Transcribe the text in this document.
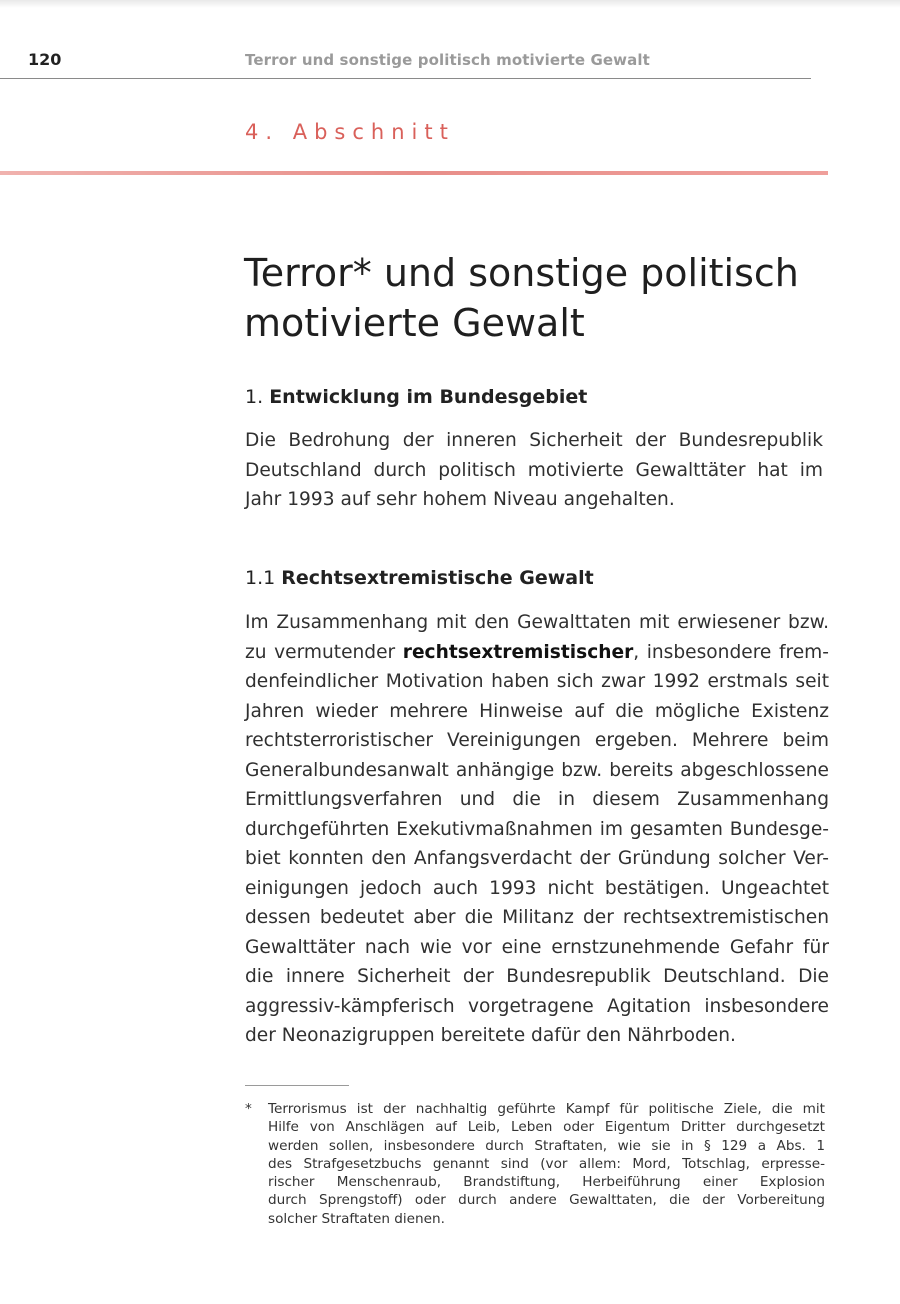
120	Terror und sonstige politisch motivierte Gewalt
4. Abschnitt
Terror* und sonstige politisch
motivierte Gewalt
1. Entwicklung im Bundesgebiet

Die Bedrohung der inneren Sicherheit der Bundesrepublik
Deutschland durch politisch motivierte Gewalttäter hat im
Jahr 1993 auf sehr hohem Niveau angehalten.

1.1 Rechtsextremistische Gewalt

Im Zusammenhang mit den Gewalttaten mit erwiesener bzw.
zu vermutender rechtsextremistischer, insbesondere frem-
denfeindlicher Motivation haben sich zwar 1992 erstmals seit
Jahren wieder mehrere Hinweise auf die mögliche Existenz
rechtsterroristischer Vereinigungen ergeben. Mehrere beim
Generalbundesanwalt anhängige bzw. bereits abgeschlossene
Ermittlungsverfahren und die in diesem Zusammenhang
durchgeführten Exekutivmaßnahmen im gesamten Bundesge-
biet konnten den Anfangsverdacht der Gründung solcher Ver-
einigungen jedoch auch 1993 nicht bestätigen. Ungeachtet
dessen bedeutet aber die Militanz der rechtsextremistischen
Gewalttäter nach wie vor eine ernstzunehmende Gefahr für
die innere Sicherheit der Bundesrepublik Deutschland. Die
aggressiv-kämpferisch vorgetragene Agitation insbesondere
der Neonazigruppen bereitete dafür den Nährboden.

* Terrorismus ist der nachhaltig geführte Kampf für politische Ziele, die mit
Hilfe von Anschlägen auf Leib, Leben oder Eigentum Dritter durchgesetzt
werden sollen, insbesondere durch Straftaten, wie sie in § 129 a Abs. 1
des Strafgesetzbuchs genannt sind (vor allem: Mord, Totschlag, erpresse-
rischer Menschenraub, Brandstiftung, Herbeiführung einer Explosion
durch Sprengstoff) oder durch andere Gewalttaten, die der Vorbereitung
solcher Straftaten dienen.
